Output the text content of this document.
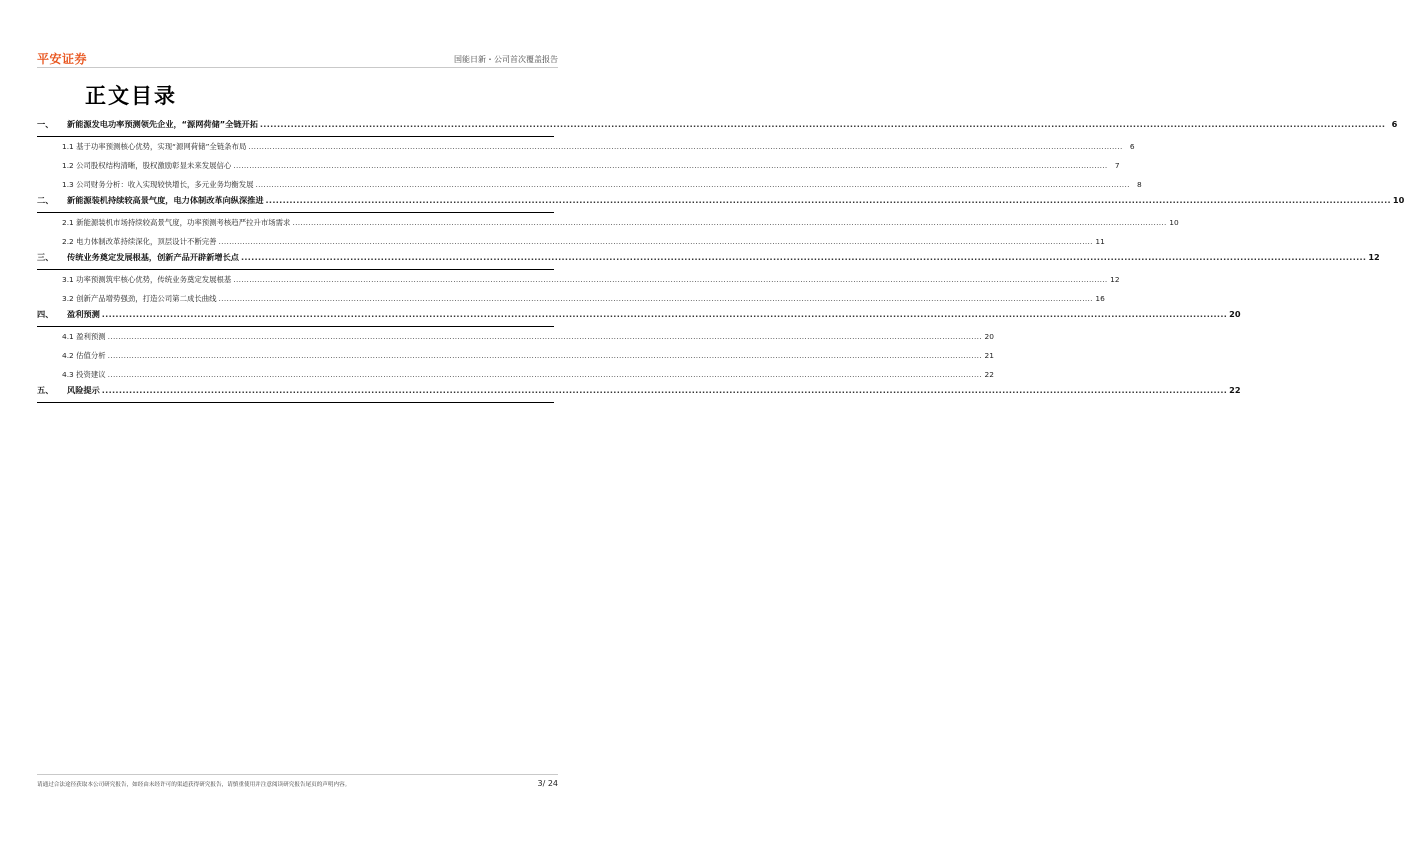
平安证券	国能日新・公司首次覆盖报告
正文目录
一、	新能源发电功率预测领先企业，“源网荷储”全链开拓 .......................................................................................................................................................................................................................................................................................................................................... 6
1.1 基于功率预测核心优势，实现“源网荷储”全链条布局 .......................................................................................................................................................................................................................................................................................................................................... 6
1.2 公司股权结构清晰，股权激励彰显未来发展信心 .......................................................................................................................................................................................................................................................................................................................................... 7
1.3 公司财务分析：收入实现较快增长，多元业务均衡发展 .......................................................................................................................................................................................................................................................................................................................................... 8
二、	新能源装机持续较高景气度，电力体制改革向纵深推进 .......................................................................................................................................................................................................................................................................................................................................... 10
2.1 新能源装机市场持续较高景气度，功率预测考核趋严拉升市场需求 .......................................................................................................................................................................................................................................................................................................................................... 10
2.2 电力体制改革持续深化，顶层设计不断完善 .......................................................................................................................................................................................................................................................................................................................................... 11
三、	传统业务奠定发展根基，创新产品开辟新增长点 .......................................................................................................................................................................................................................................................................................................................................... 12
3.1 功率预测筑牢核心优势，传统业务奠定发展根基 .......................................................................................................................................................................................................................................................................................................................................... 12
3.2 创新产品增势强劲，打造公司第二成长曲线 .......................................................................................................................................................................................................................................................................................................................................... 16
四、	盈利预测 .......................................................................................................................................................................................................................................................................................................................................... 20
4.1 盈利预测 .......................................................................................................................................................................................................................................................................................................................................... 20
4.2 估值分析 .......................................................................................................................................................................................................................................................................................................................................... 21
4.3 投资建议 .......................................................................................................................................................................................................................................................................................................................................... 22
五、	风险提示 .......................................................................................................................................................................................................................................................................................................................................... 22
请通过合法途径获取本公司研究报告，如经由未经许可的渠道获得研究报告，请慎重使用并注意阅读研究报告尾页的声明内容。	3/ 24
